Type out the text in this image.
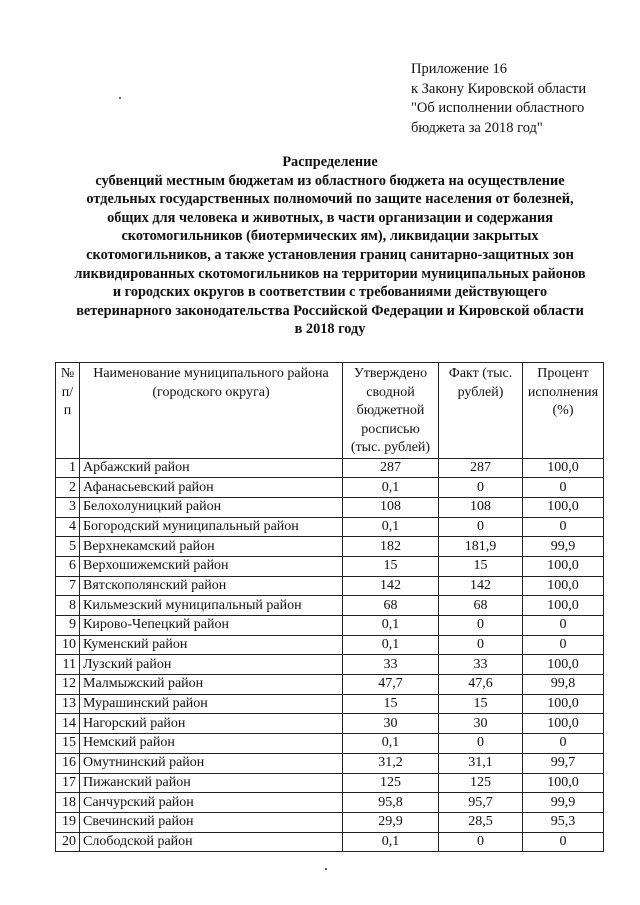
Приложение 16
к Закону Кировской области
"Об исполнении областного
бюджета за 2018 год"
Распределение
субвенций местным бюджетам из областного бюджета на осуществление
отдельных государственных полномочий по защите населения от болезней,
общих для человека и животных, в части организации и содержания
скотомогильников (биотермических ям), ликвидации закрытых
скотомогильников, а также установления границ санитарно-защитных зон
ликвидированных скотомогильников на территории муниципальных районов
и городских округов в соответствии с требованиями действующего
ветеринарного законодательства Российской Федерации и Кировской области
в 2018 году
№ п/п	Наименование муниципального района (городского округа)	Утверждено сводной бюджетной росписью (тыс. рублей)	Факт (тыс. рублей)	Процент исполнения (%)
1	Арбажский район	287	287	100,0
2	Афанасьевский район	0,1	0	0
3	Белохолуницкий район	108	108	100,0
4	Богородский муниципальный район	0,1	0	0
5	Верхнекамский район	182	181,9	99,9
6	Верхошижемский район	15	15	100,0
7	Вятскополянский район	142	142	100,0
8	Кильмезский муниципальный район	68	68	100,0
9	Кирово-Чепецкий район	0,1	0	0
10	Куменский район	0,1	0	0
11	Лузский район	33	33	100,0
12	Малмыжский район	47,7	47,6	99,8
13	Мурашинский район	15	15	100,0
14	Нагорский район	30	30	100,0
15	Немский район	0,1	0	0
16	Омутнинский район	31,2	31,1	99,7
17	Пижанский район	125	125	100,0
18	Санчурский район	95,8	95,7	99,9
19	Свечинский район	29,9	28,5	95,3
20	Слободской район	0,1	0	0
